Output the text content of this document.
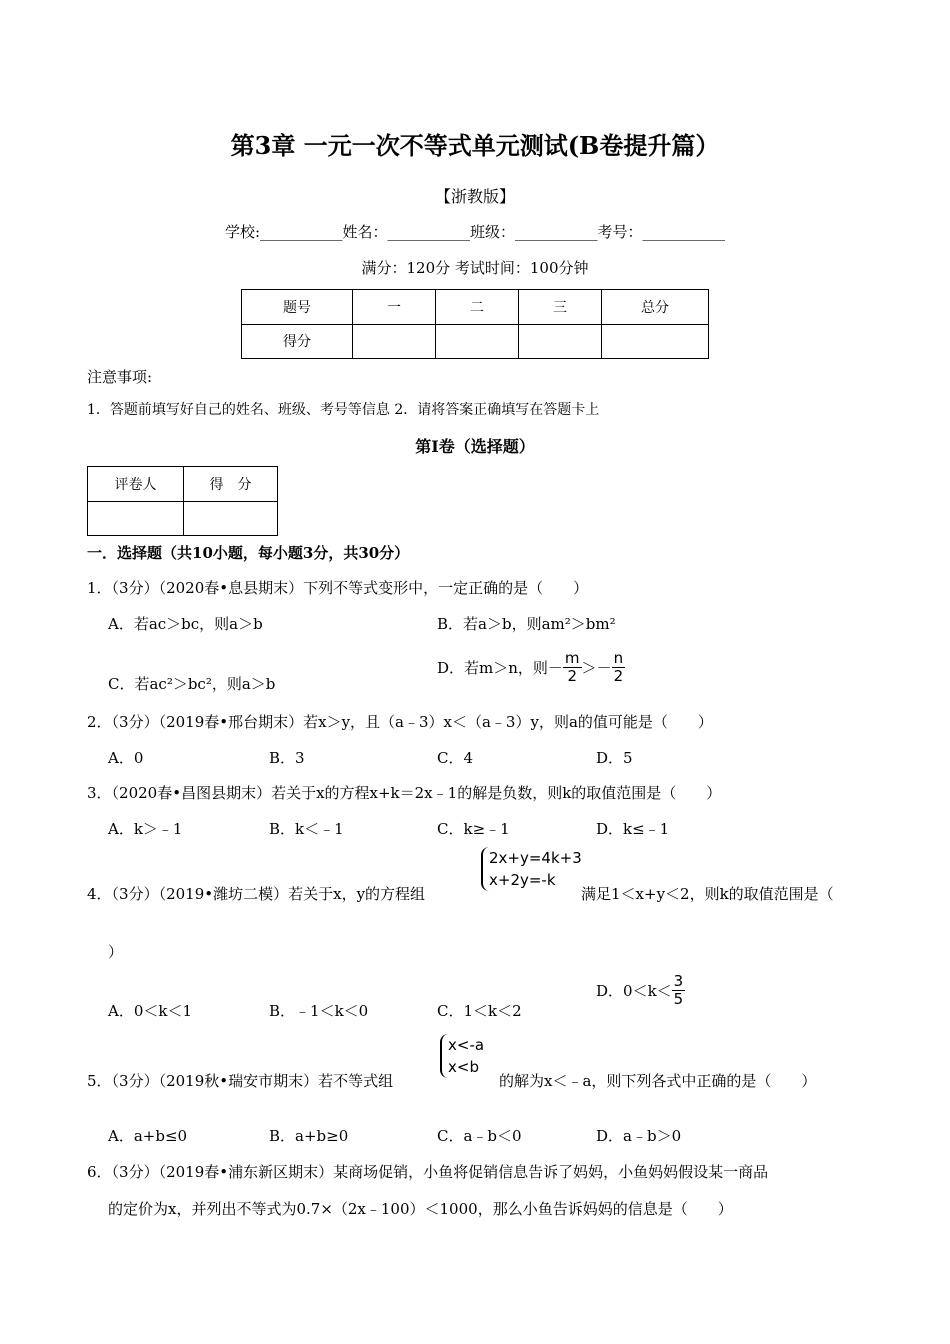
第3章 一元一次不等式单元测试(B卷提升篇）
【浙教版】
学校:___________姓名：___________班级：___________考号：___________
满分：120分 考试时间：100分钟
题号	一	二	三	总分
得分				
注意事项:
1．答题前填写好自己的姓名、班级、考号等信息 2．请将答案正确填写在答题卡上
第Ⅰ卷（选择题）
评卷人	得　分

一．选择题（共10小题，每小题3分，共30分）
1．（3分）（2020春•息县期末）下列不等式变形中，一定正确的是（　　）
A．若ac＞bc，则a＞b	B．若a＞b，则am²＞bm²
C．若ac²＞bc²，则a＞b
D．若m＞n，则－ $\frac{m}{2} >- \frac{n}{2}$
2．（3分）（2019春•邢台期末）若x＞y，且（a﹣3）x＜（a﹣3）y，则a的值可能是（　　）
A．0	B．3	C．4	D．5
3．（2020春•昌图县期末）若关于x的方程x+k＝2x﹣1的解是负数，则k的取值范围是（　　）
A．k＞﹣1	B．k＜﹣1	C．k≥﹣1	D．k≤﹣1
4．（3分）（2019•潍坊二模）若关于x，y的方程组
2x+y=4k+3
x+2y=-k
满足1＜x+y＜2，则k的取值范围是（
）
A．0＜k＜1	B．﹣1＜k＜0	C．1＜k＜2
D．$0<k< \frac{3}{5}$
5．（3分）（2019秋•瑞安市期末）若不等式组
x<-a
x<b
的解为x＜﹣a，则下列各式中正确的是（　　）
A．a+b≤0	B．a+b≥0	C．a﹣b＜0	D．a﹣b＞0
6．（3分）（2019春•浦东新区期末）某商场促销，小鱼将促销信息告诉了妈妈，小鱼妈妈假设某一商品
的定价为x，并列出不等式为0.7×（2x﹣100）＜1000，那么小鱼告诉妈妈的信息是（　　）
